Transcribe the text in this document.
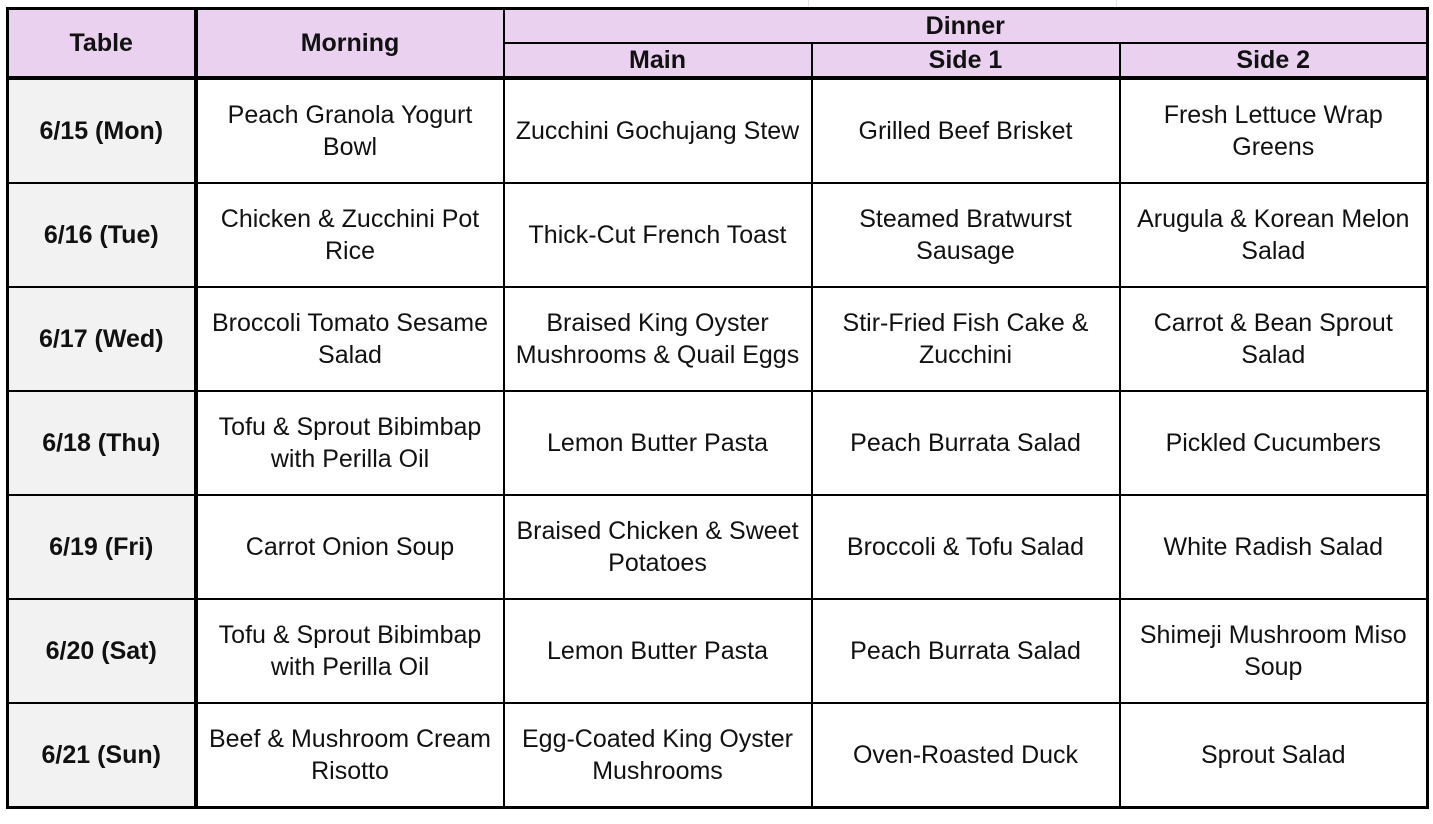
Table	Morning	Dinner		
		Main	Side 1	Side 2
6/15 (Mon)	Peach Granola Yogurt Bowl	Zucchini Gochujang Stew	Grilled Beef Brisket	Fresh Lettuce Wrap Greens
6/16 (Tue)	Chicken & Zucchini Pot Rice	Thick-Cut French Toast	Steamed Bratwurst Sausage	Arugula & Korean Melon Salad
6/17 (Wed)	Broccoli Tomato Sesame Salad	Braised King Oyster Mushrooms & Quail Eggs	Stir-Fried Fish Cake & Zucchini	Carrot & Bean Sprout Salad
6/18 (Thu)	Tofu & Sprout Bibimbap with Perilla Oil	Lemon Butter Pasta	Peach Burrata Salad	Pickled Cucumbers
6/19 (Fri)	Carrot Onion Soup	Braised Chicken & Sweet Potatoes	Broccoli & Tofu Salad	White Radish Salad
6/20 (Sat)	Tofu & Sprout Bibimbap with Perilla Oil	Lemon Butter Pasta	Peach Burrata Salad	Shimeji Mushroom Miso Soup
6/21 (Sun)	Beef & Mushroom Cream Risotto	Egg-Coated King Oyster Mushrooms	Oven-Roasted Duck	Sprout Salad
